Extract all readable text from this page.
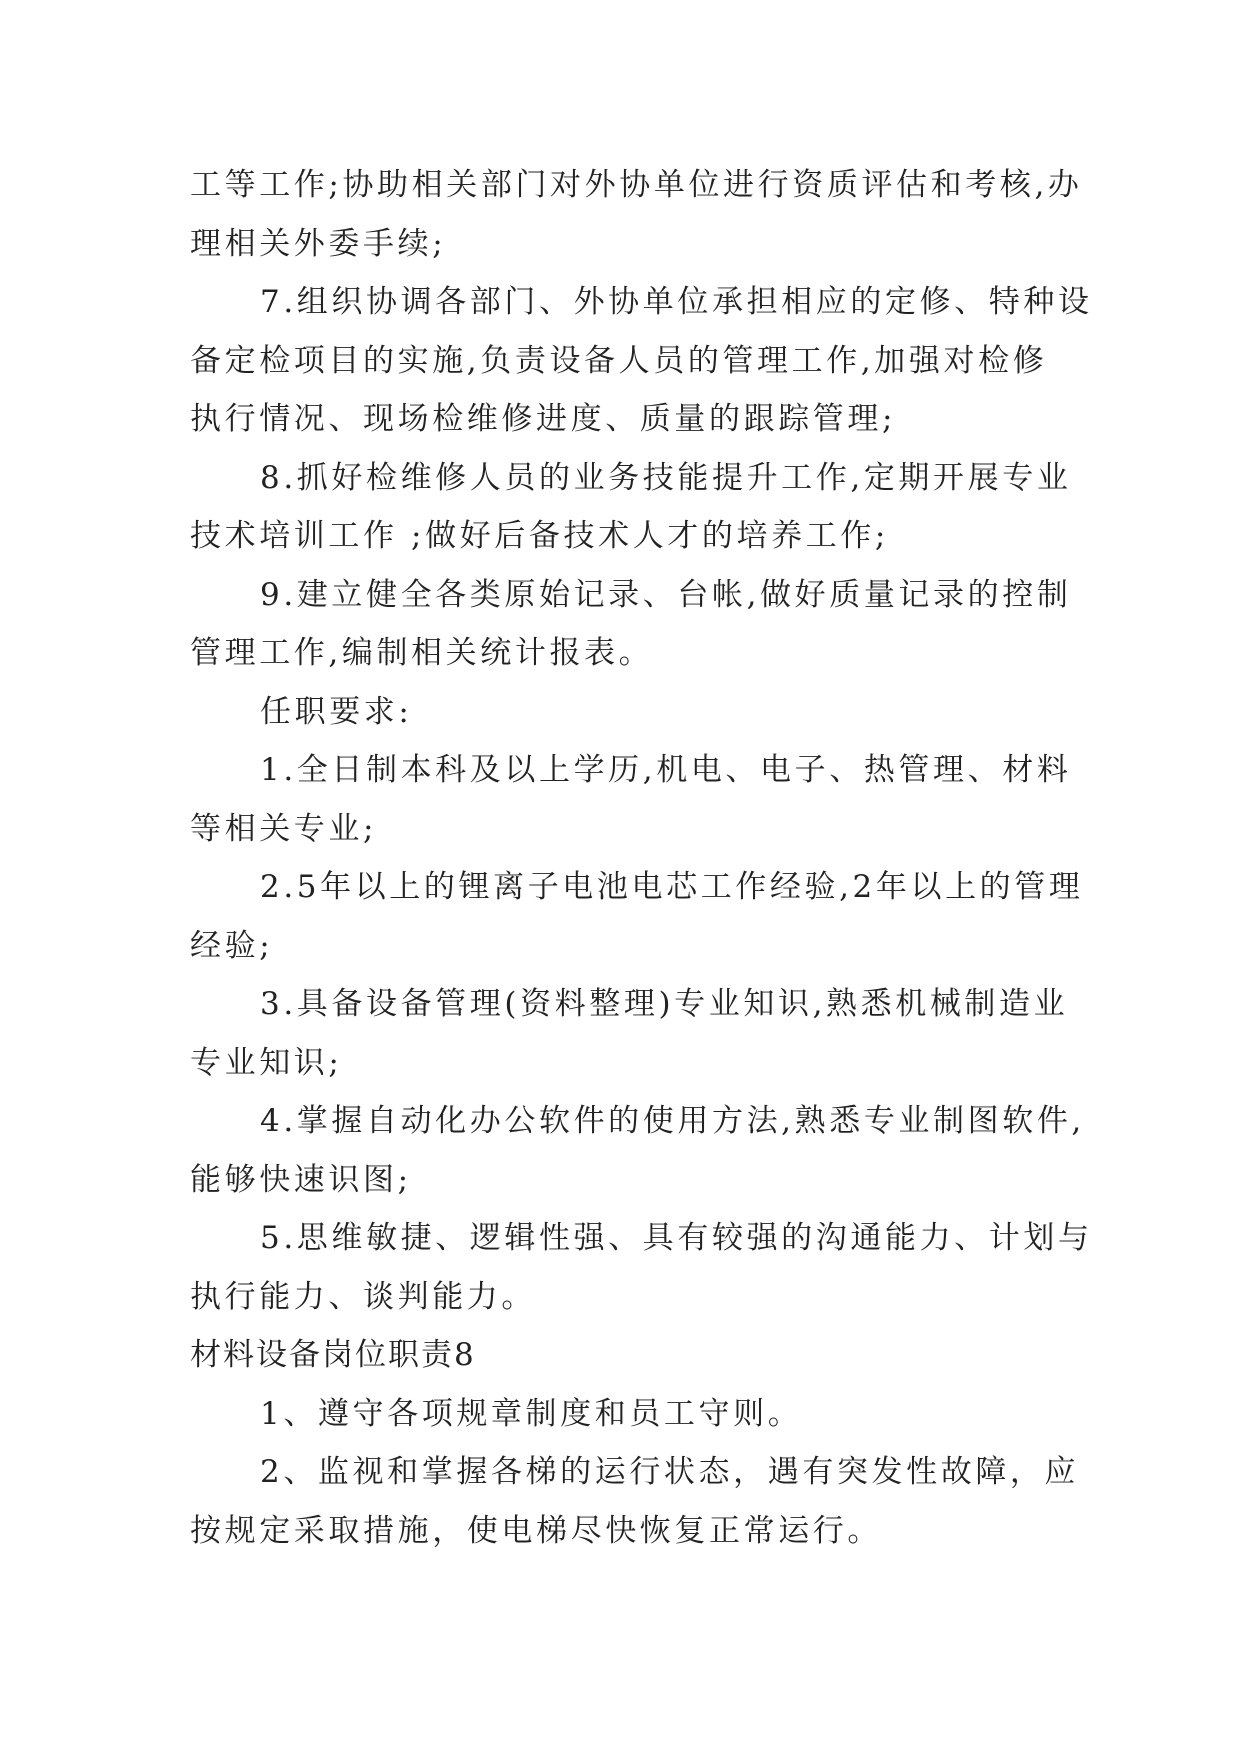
工等工作;协助相关部门对外协单位进行资质评估和考核,办
理相关外委手续;
7.组织协调各部门、外协单位承担相应的定修、特种设
备定检项目的实施,负责设备人员的管理工作,加强对检修
执行情况、现场检维修进度、质量的跟踪管理;
8.抓好检维修人员的业务技能提升工作,定期开展专业
技术培训工作 ;做好后备技术人才的培养工作;
9.建立健全各类原始记录、台帐,做好质量记录的控制
管理工作,编制相关统计报表。
任职要求:
1.全日制本科及以上学历,机电、电子、热管理、材料
等相关专业;
2.5年以上的锂离子电池电芯工作经验,2年以上的管理
经验;
3.具备设备管理(资料整理)专业知识,熟悉机械制造业
专业知识;
4.掌握自动化办公软件的使用方法,熟悉专业制图软件,
能够快速识图;
5.思维敏捷、逻辑性强、具有较强的沟通能力、计划与
执行能力、谈判能力。
材料设备岗位职责8
1、遵守各项规章制度和员工守则。
2、监视和掌握各梯的运行状态，遇有突发性故障，应
按规定采取措施，使电梯尽快恢复正常运行。
